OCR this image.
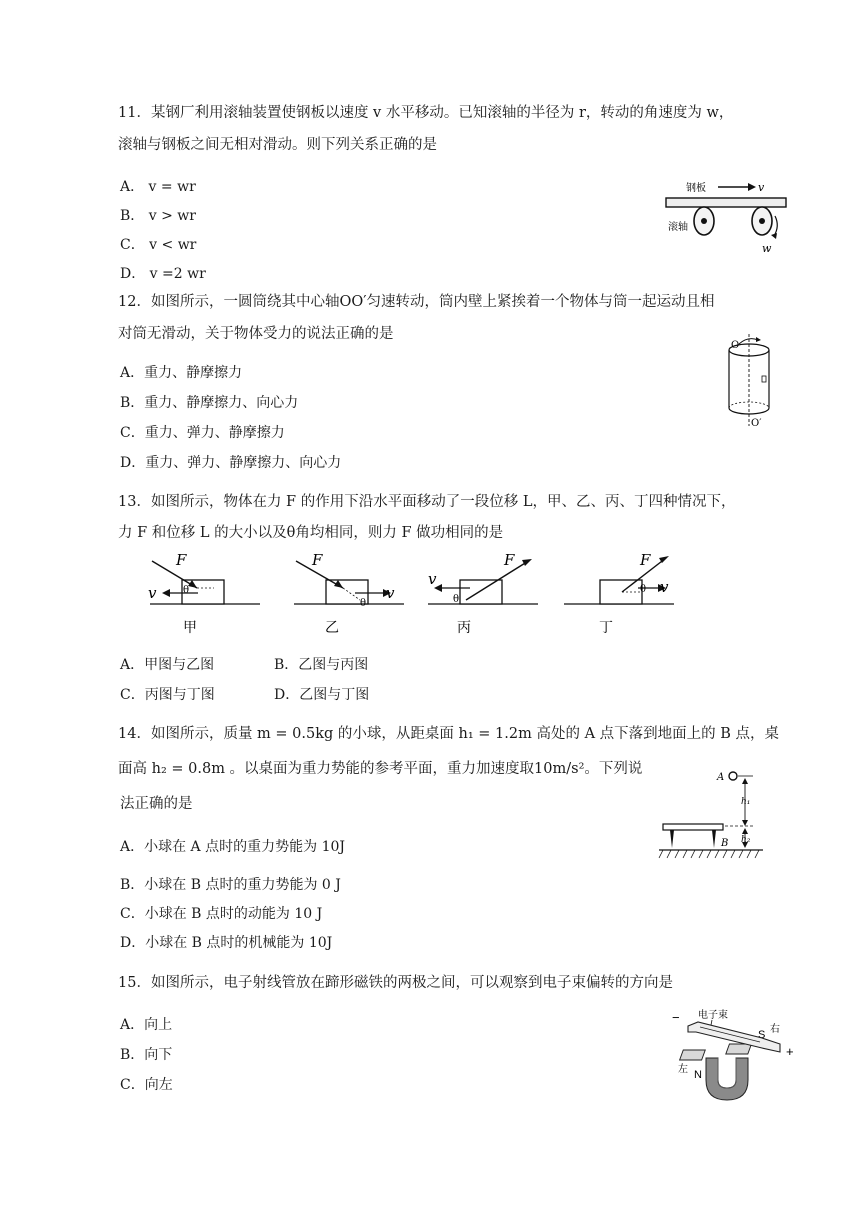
11．某钢厂利用滚轴装置使钢板以速度 v 水平移动。已知滚轴的半径为 r，转动的角速度为 w，
滚轴与钢板之间无相对滑动。则下列关系正确的是
A． v = wr
B． v > wr
C． v < wr
D． v =2 wr
钢板	v
滚轴
w
12．如图所示，一圆筒绕其中心轴OO′匀速转动，筒内壁上紧挨着一个物体与筒一起运动且相
对筒无滑动，关于物体受力的说法正确的是
A．重力、静摩擦力
B．重力、静摩擦力、向心力
C．重力、弹力、静摩擦力
D．重力、弹力、静摩擦力、向心力
O
O′
13．如图所示，物体在力 F 的作用下沿水平面移动了一段位移 L，甲、乙、丙、丁四种情况下，
力 F 和位移 L 的大小以及θ角均相同，则力 F 做功相同的是
F
v	θ
甲
F
v
θ
乙
F
v
θ
丙
F
v
θ
丁
A．甲图与乙图	B．乙图与丙图
C．丙图与丁图	D．乙图与丁图
14．如图所示，质量 m = 0.5kg 的小球，从距桌面 h₁ = 1.2m 高处的 A 点下落到地面上的 B 点，桌
面高 h₂ = 0.8m 。以桌面为重力势能的参考平面，重力加速度取10m/s²。下列说
法正确的是
A．小球在 A 点时的重力势能为 10J
B．小球在 B 点时的重力势能为 0 J
C．小球在 B 点时的动能为 10 J
D．小球在 B 点时的机械能为 10J
A
h₁
h₂
B
15．如图所示，电子射线管放在蹄形磁铁的两极之间，可以观察到电子束偏转的方向是
A．向上
B．向下
C．向左
− 电子束
S 右
左 N
+
